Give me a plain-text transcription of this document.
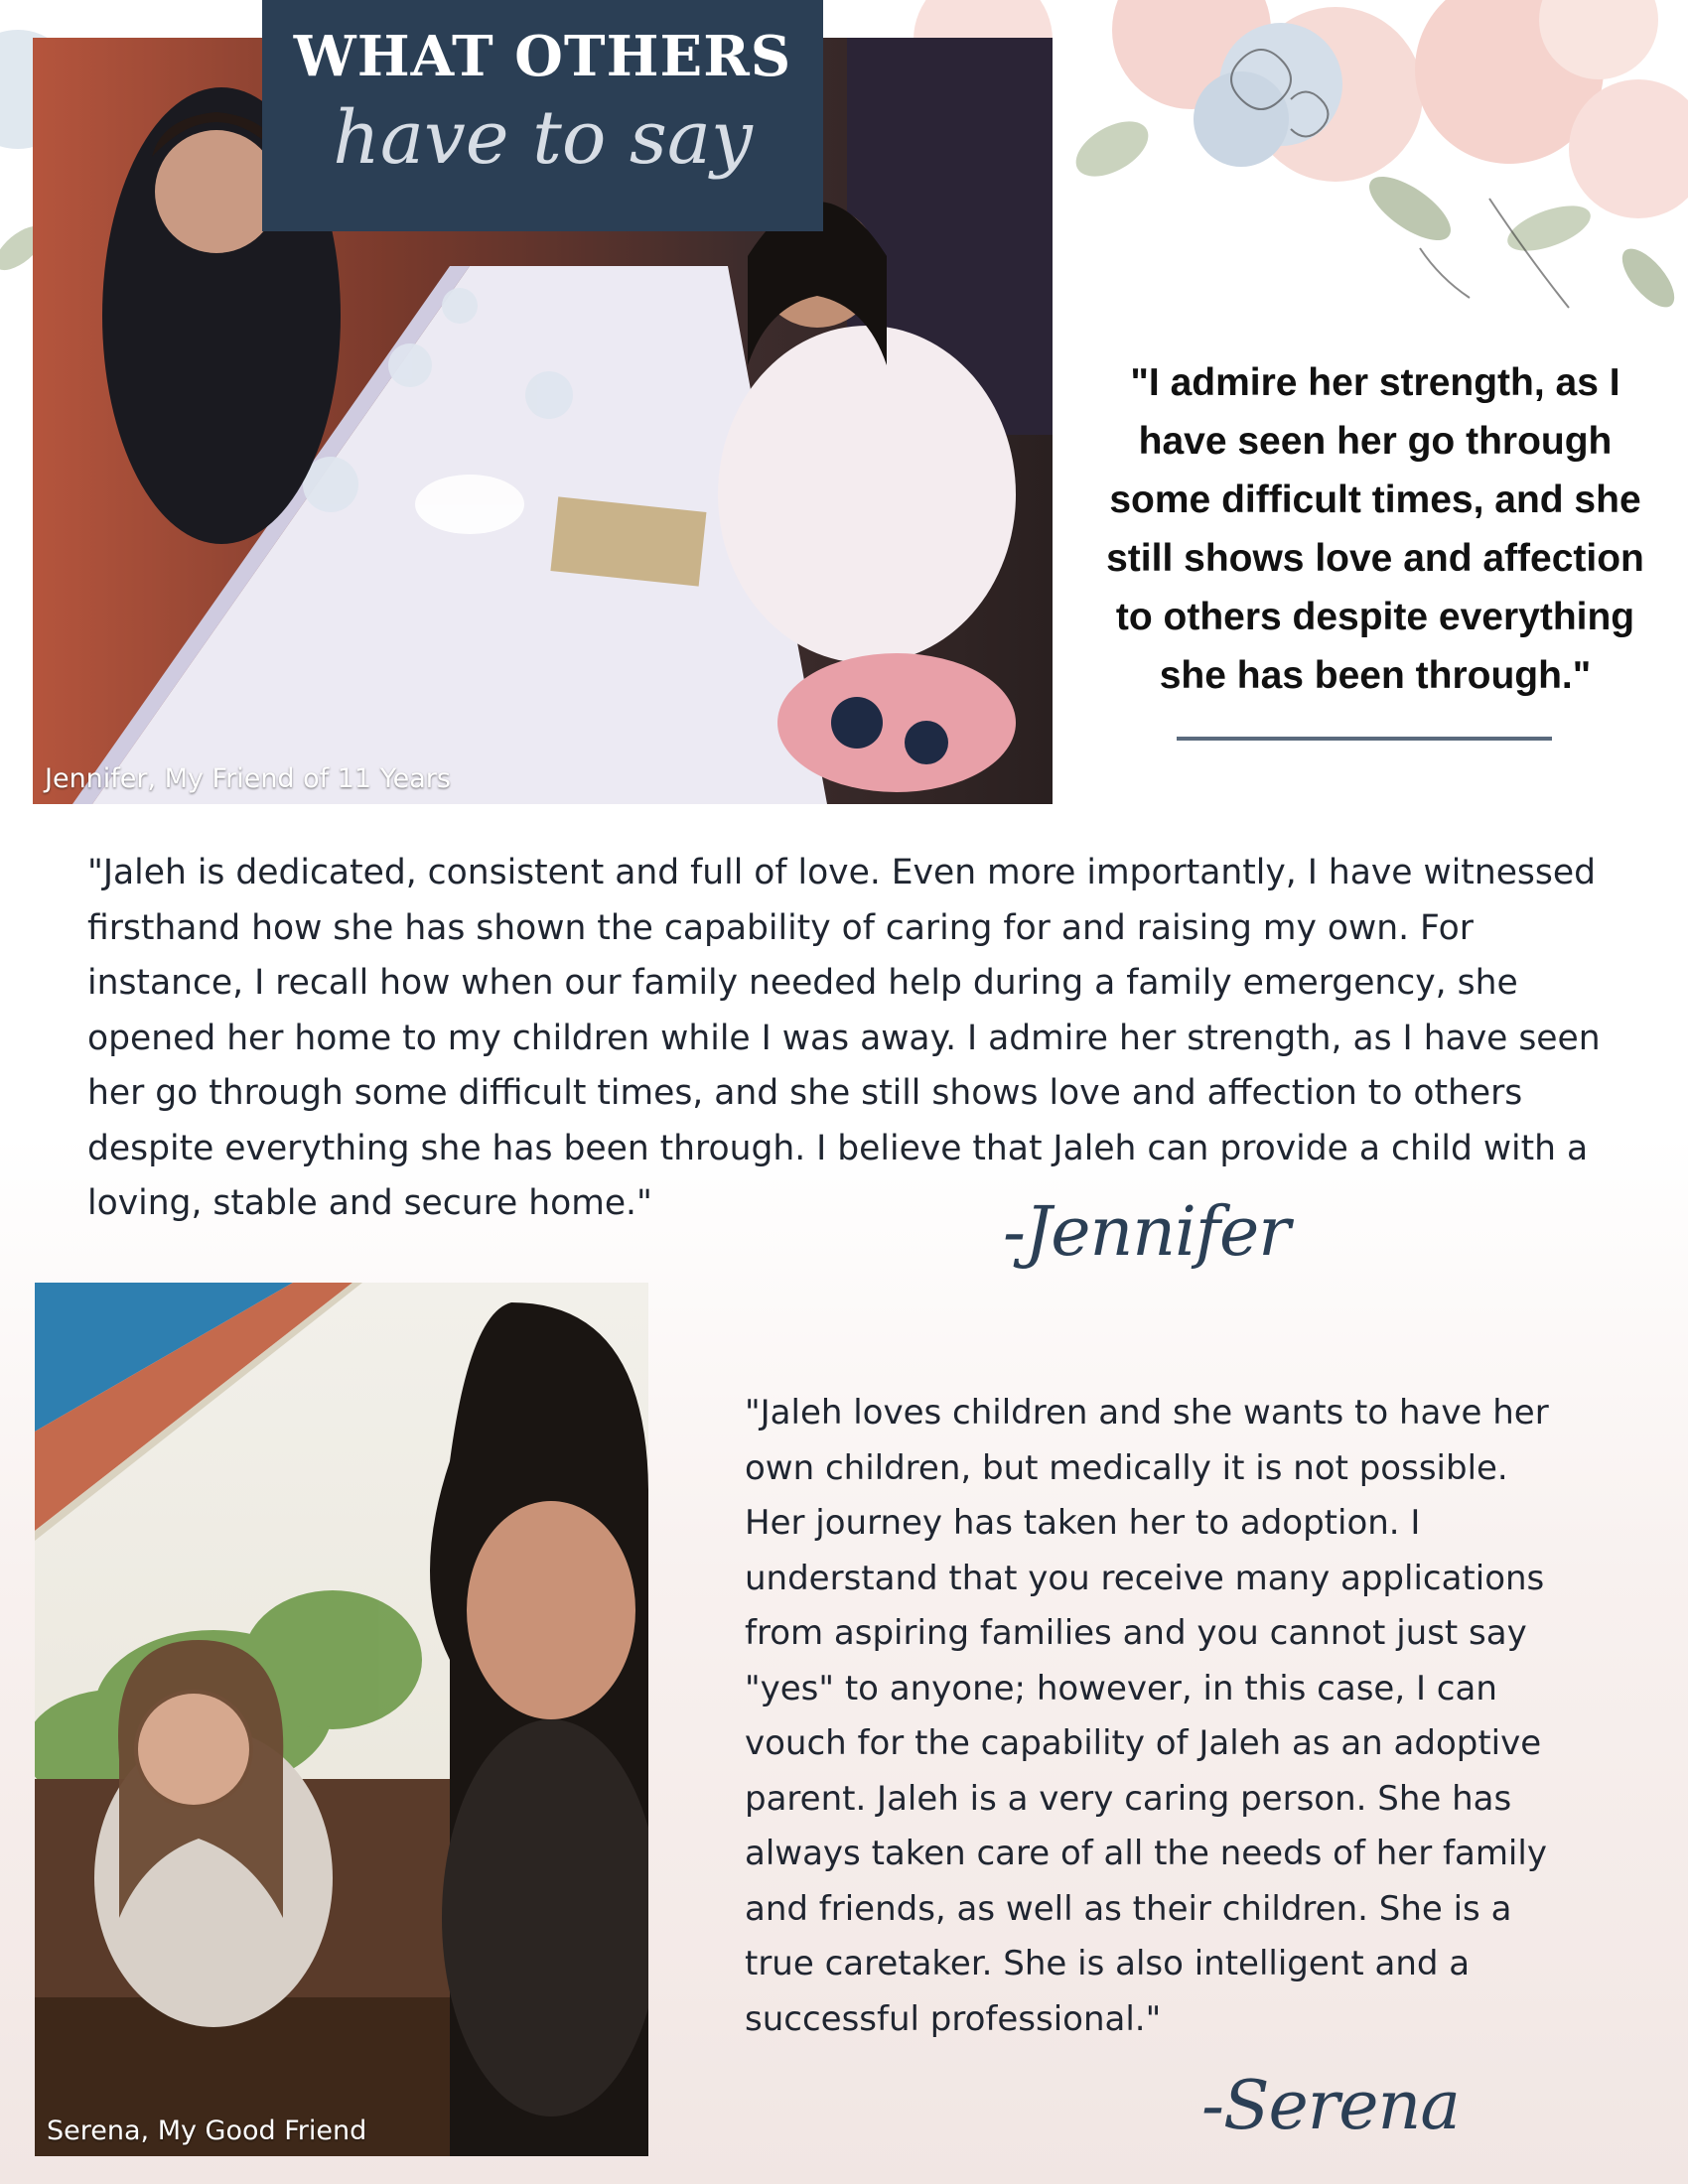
Jennifer, My Friend of 11 Years
WHAT OTHERS
have to say
"I admire her strength, as I
have seen her go through
some difficult times, and she
still shows love and affection
to others despite everything
she has been through."

"Jaleh is dedicated, consistent and full of love. Even more importantly, I have witnessed
firsthand how she has shown the capability of caring for and raising my own. For
instance, I recall how when our family needed help during a family emergency, she
opened her home to my children while I was away. I admire her strength, as I have seen
her go through some difficult times, and she still shows love and affection to others
despite everything she has been through. I believe that Jaleh can provide a child with a
loving, stable and secure home."	-Jennifer
Serena, My Good Friend

"Jaleh loves children and she wants to have her
own children, but medically it is not possible.
Her journey has taken her to adoption. I
understand that you receive many applications
from aspiring families and you cannot just say
"yes" to anyone; however, in this case, I can
vouch for the capability of Jaleh as an adoptive
parent. Jaleh is a very caring person. She has
always taken care of all the needs of her family
and friends, as well as their children. She is a
true caretaker. She is also intelligent and a
successful professional."

-Serena
